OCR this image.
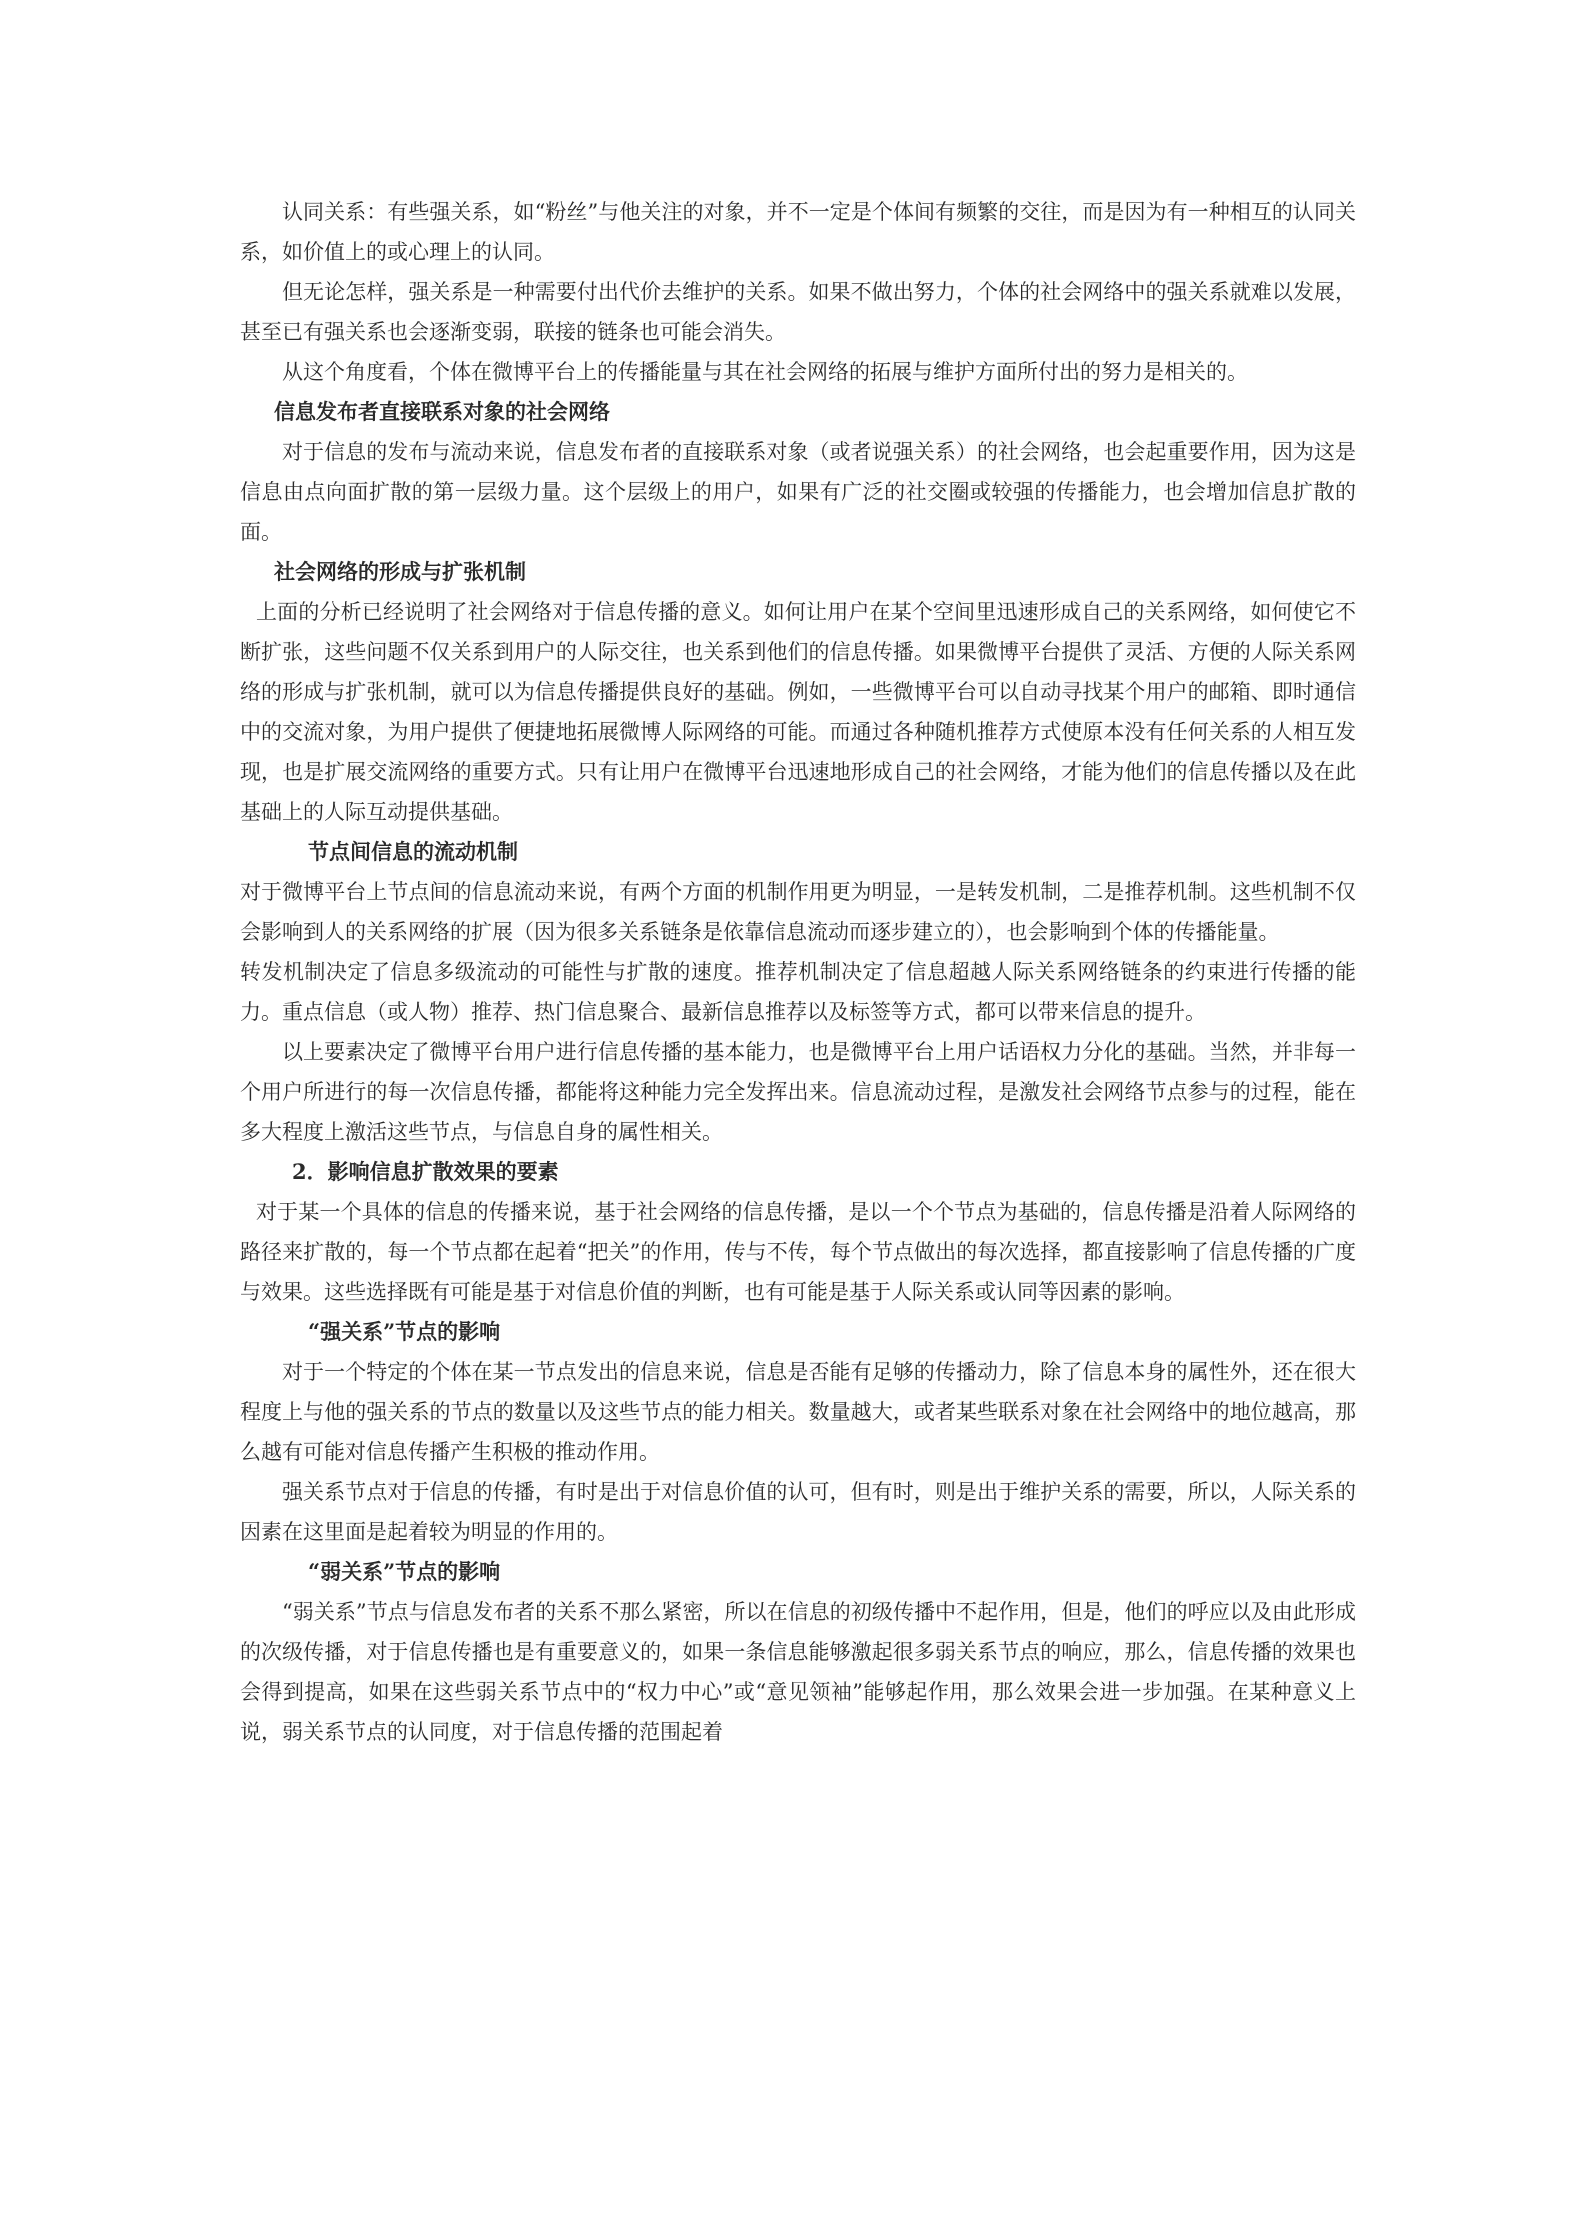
认同关系：有些强关系，如“粉丝”与他关注的对象，并不一定是个体间有频繁的交往，而是因为有一种相互的认同关系，如价值上的或心理上的认同。

但无论怎样，强关系是一种需要付出代价去维护的关系。如果不做出努力，个体的社会网络中的强关系就难以发展，甚至已有强关系也会逐渐变弱，联接的链条也可能会消失。

从这个角度看，个体在微博平台上的传播能量与其在社会网络的拓展与维护方面所付出的努力是相关的。

信息发布者直接联系对象的社会网络

对于信息的发布与流动来说，信息发布者的直接联系对象（或者说强关系）的社会网络，也会起重要作用，因为这是信息由点向面扩散的第一层级力量。这个层级上的用户，如果有广泛的社交圈或较强的传播能力，也会增加信息扩散的面。

社会网络的形成与扩张机制

上面的分析已经说明了社会网络对于信息传播的意义。如何让用户在某个空间里迅速形成自己的关系网络，如何使它不断扩张，这些问题不仅关系到用户的人际交往，也关系到他们的信息传播。如果微博平台提供了灵活、方便的人际关系网络的形成与扩张机制，就可以为信息传播提供良好的基础。例如，一些微博平台可以自动寻找某个用户的邮箱、即时通信中的交流对象，为用户提供了便捷地拓展微博人际网络的可能。而通过各种随机推荐方式使原本没有任何关系的人相互发现，也是扩展交流网络的重要方式。只有让用户在微博平台迅速地形成自己的社会网络，才能为他们的信息传播以及在此基础上的人际互动提供基础。

节点间信息的流动机制

对于微博平台上节点间的信息流动来说，有两个方面的机制作用更为明显，一是转发机制，二是推荐机制。这些机制不仅会影响到人的关系网络的扩展（因为很多关系链条是依靠信息流动而逐步建立的），也会影响到个体的传播能量。

转发机制决定了信息多级流动的可能性与扩散的速度。推荐机制决定了信息超越人际关系网络链条的约束进行传播的能力。重点信息（或人物）推荐、热门信息聚合、最新信息推荐以及标签等方式，都可以带来信息的提升。

以上要素决定了微博平台用户进行信息传播的基本能力，也是微博平台上用户话语权力分化的基础。当然，并非每一个用户所进行的每一次信息传播，都能将这种能力完全发挥出来。信息流动过程，是激发社会网络节点参与的过程，能在多大程度上激活这些节点，与信息自身的属性相关。

2．影响信息扩散效果的要素

对于某一个具体的信息的传播来说，基于社会网络的信息传播，是以一个个节点为基础的，信息传播是沿着人际网络的路径来扩散的，每一个节点都在起着“把关”的作用，传与不传，每个节点做出的每次选择，都直接影响了信息传播的广度与效果。这些选择既有可能是基于对信息价值的判断，也有可能是基于人际关系或认同等因素的影响。

“强关系”节点的影响

对于一个特定的个体在某一节点发出的信息来说，信息是否能有足够的传播动力，除了信息本身的属性外，还在很大程度上与他的强关系的节点的数量以及这些节点的能力相关。数量越大，或者某些联系对象在社会网络中的地位越高，那么越有可能对信息传播产生积极的推动作用。

强关系节点对于信息的传播，有时是出于对信息价值的认可，但有时，则是出于维护关系的需要，所以，人际关系的因素在这里面是起着较为明显的作用的。

“弱关系”节点的影响

“弱关系”节点与信息发布者的关系不那么紧密，所以在信息的初级传播中不起作用，但是，他们的呼应以及由此形成的次级传播，对于信息传播也是有重要意义的，如果一条信息能够激起很多弱关系节点的响应，那么，信息传播的效果也会得到提高，如果在这些弱关系节点中的“权力中心”或“意见领袖”能够起作用，那么效果会进一步加强。在某种意义上说，弱关系节点的认同度，对于信息传播的范围起着
